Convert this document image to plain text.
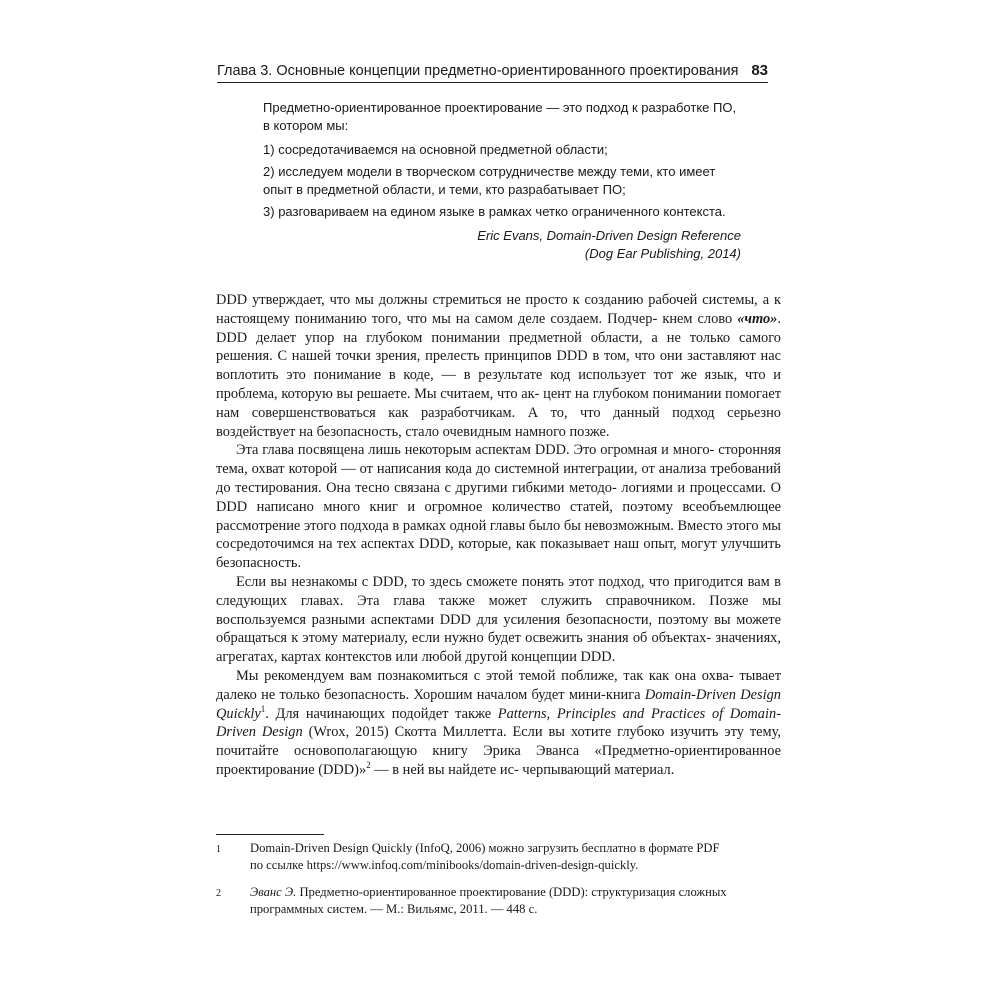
Глава 3. Основные концепции предметно-ориентированного проектирования 83

Предметно-ориентированное проектирование — это подход к разработке ПО,
в котором мы:

1) сосредотачиваемся на основной предметной области;

2) исследуем модели в творческом сотрудничестве между теми, кто имеет
опыт в предметной области, и теми, кто разрабатывает ПО;

3) разговариваем на едином языке в рамках четко ограниченного контекста.

Eric Evans, Domain-Driven Design Reference
(Dog Ear Publishing, 2014)

DDD утверждает, что мы должны стремиться не просто к созданию рабочей системы, а к настоящему пониманию того, что мы на самом деле создаем. Подчер- кнем слово «что». DDD делает упор на глубоком понимании предметной области, а не только самого решения. С нашей точки зрения, прелесть принципов DDD в том, что они заставляют нас воплотить это понимание в коде, — в результате код использует тот же язык, что и проблема, которую вы решаете. Мы считаем, что ак- цент на глубоком понимании помогает нам совершенствоваться как разработчикам. А то, что данный подход серьезно воздействует на безопасность, стало очевидным намного позже.

Эта глава посвящена лишь некоторым аспектам DDD. Это огромная и много- сторонняя тема, охват которой — от написания кода до системной интеграции, от анализа требований до тестирования. Она тесно связана с другими гибкими методо- логиями и процессами. О DDD написано много книг и огромное количество статей, поэтому всеобъемлющее рассмотрение этого подхода в рамках одной главы было бы невозможным. Вместо этого мы сосредоточимся на тех аспектах DDD, которые, как показывает наш опыт, могут улучшить безопасность.

Если вы незнакомы с DDD, то здесь сможете понять этот подход, что пригодится вам в следующих главах. Эта глава также может служить справочником. Позже мы воспользуемся разными аспектами DDD для усиления безопасности, поэтому вы можете обращаться к этому материалу, если нужно будет освежить знания об объектах- значениях, агрегатах, картах контекстов или любой другой концепции DDD.

Мы рекомендуем вам познакомиться с этой темой поближе, так как она охва- тывает далеко не только безопасность. Хорошим началом будет мини-книга Domain-Driven Design Quickly$^1$. Для начинающих подойдет также Patterns, Principles and Practices of Domain-Driven Design (Wrox, 2015) Скотта Миллетта. Если вы хотите глубоко изучить эту тему, почитайте основополагающую книгу Эрика Эванса «Предметно-ориентированное проектирование (DDD)»$^2$ — в ней вы найдете ис- черпывающий материал.

1	Domain-Driven Design Quickly (InfoQ, 2006) можно загрузить бесплатно в формате PDF
по ссылке https://www.infoq.com/minibooks/domain-driven-design-quickly.
2	Эванс Э. Предметно-ориентированное проектирование (DDD): структуризация сложных
программных систем. — М.: Вильямс, 2011. — 448 с.
